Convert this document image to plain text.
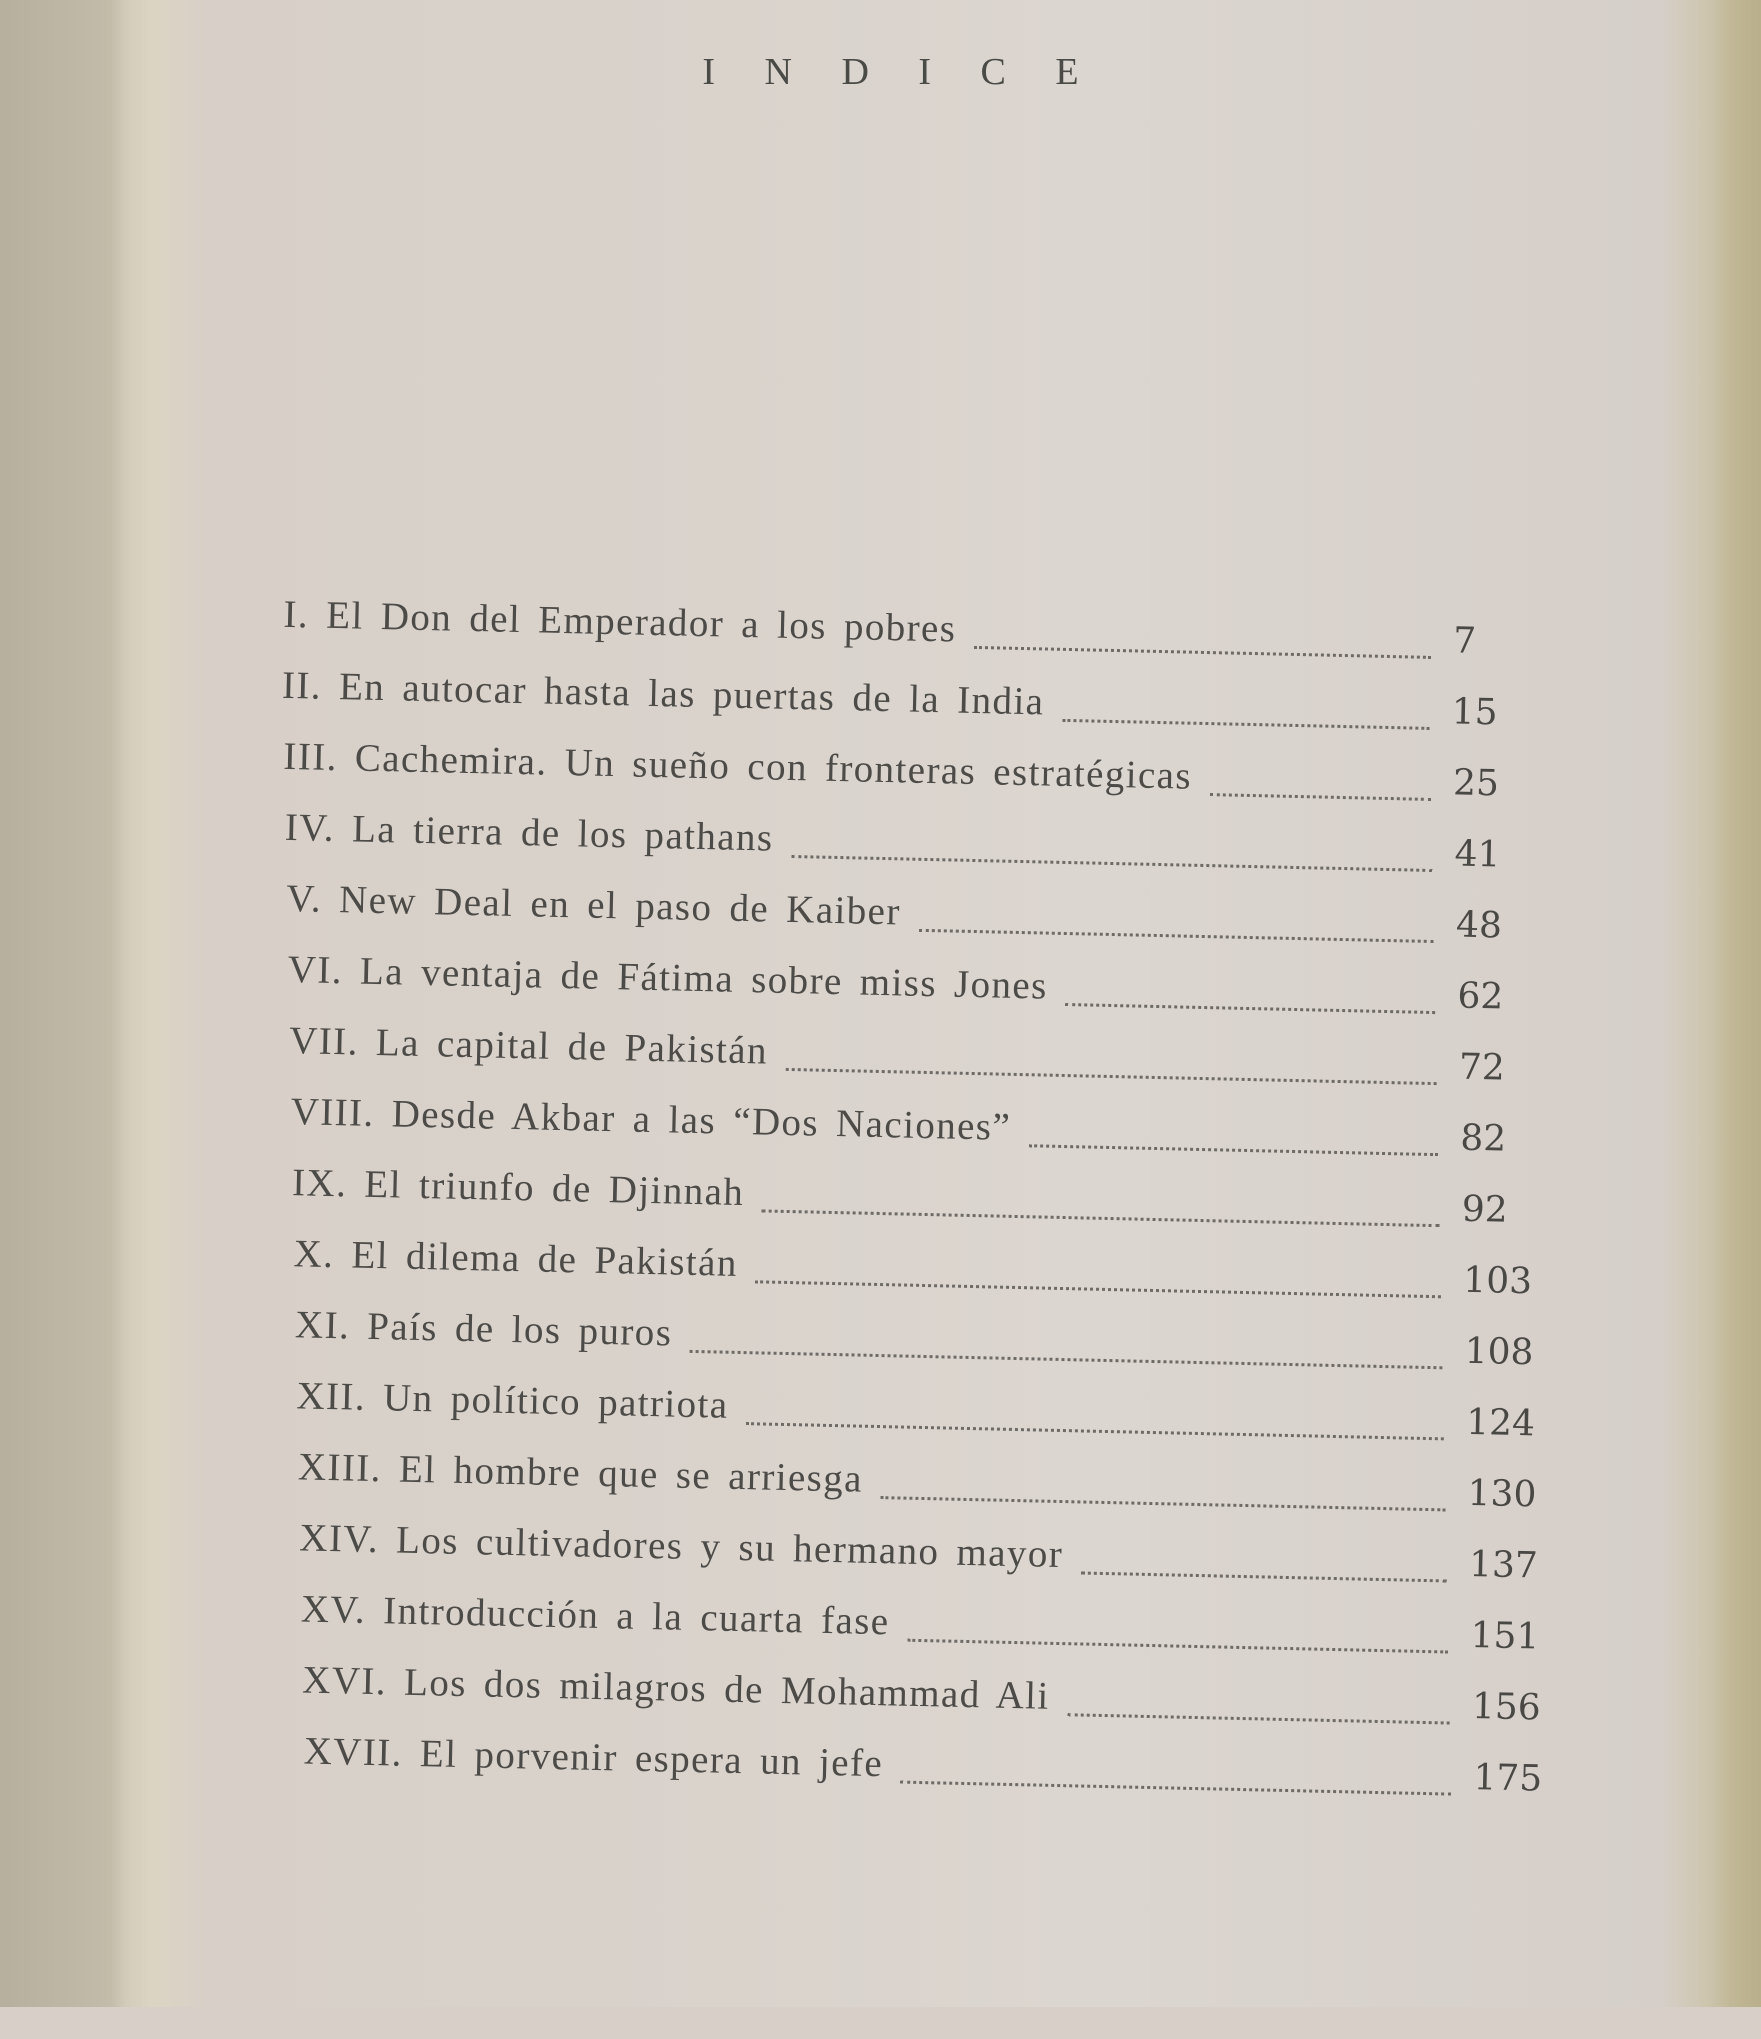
I N D I C E
I. El Don del Emperador a los pobres	7
II. En autocar hasta las puertas de la India	15
III. Cachemira. Un sueño con fronteras estratégicas	25
IV. La tierra de los pathans	41
V. New Deal en el paso de Kaiber	48
VI. La ventaja de Fátima sobre miss Jones	62
VII. La capital de Pakistán	72
VIII. Desde Akbar a las “Dos Naciones”	82
IX. El triunfo de Djinnah	92
X. El dilema de Pakistán	103
XI. País de los puros	108
XII. Un político patriota	124
XIII. El hombre que se arriesga	130
XIV. Los cultivadores y su hermano mayor	137
XV. Introducción a la cuarta fase	151
XVI. Los dos milagros de Mohammad Ali	156
XVII. El porvenir espera un jefe	175
